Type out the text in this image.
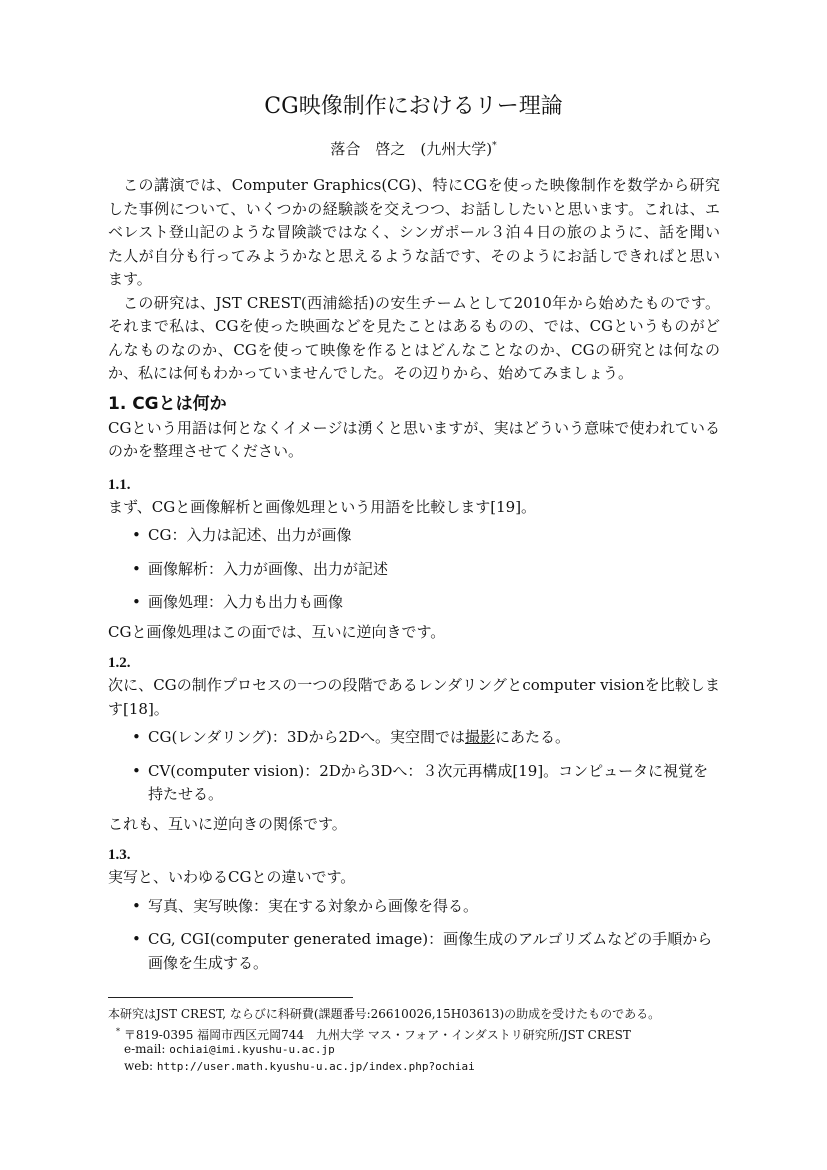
CG映像制作におけるリー理論
落合　啓之　(九州大学)*

この講演では、Computer Graphics(CG)、特にCGを使った映像制作を数学から研究した事例について、いくつかの経験談を交えつつ、お話ししたいと思います。これは、エベレスト登山記のような冒険談ではなく、シンガポール３泊４日の旅のように、話を聞いた人が自分も行ってみようかなと思えるような話です、そのようにお話しできればと思います。

この研究は、JST CREST(西浦総括)の安生チームとして2010年から始めたものです。それまで私は、CGを使った映画などを見たことはあるものの、では、CGというものがどんなものなのか、CGを使って映像を作るとはどんなことなのか、CGの研究とは何なのか、私には何もわかっていませんでした。その辺りから、始めてみましょう。

1. CGとは何か

CGという用語は何となくイメージは湧くと思いますが、実はどういう意味で使われているのかを整理させてください。

1.1.

まず、CGと画像解析と画像処理という用語を比較します[19]。

• CG：入力は記述、出力が画像
• 画像解析：入力が画像、出力が記述
• 画像処理：入力も出力も画像

CGと画像処理はこの面では、互いに逆向きです。

1.2.

次に、CGの制作プロセスの一つの段階であるレンダリングとcomputer visionを比較します[18]。

• CG(レンダリング)：3Dから2Dへ。実空間では撮影にあたる。
• CV(computer vision)：2Dから3Dへ：３次元再構成[19]。コンピュータに視覚を持たせる。

これも、互いに逆向きの関係です。

1.3.

実写と、いわゆるCGとの違いです。

• 写真、実写映像：実在する対象から画像を得る。
• CG, CGI(computer generated image)：画像生成のアルゴリズムなどの手順から画像を生成する。
本研究はJST CREST, ならびに科研費(課題番号:26610026,15H03613)の助成を受けたものである。
* 〒819-0395 福岡市西区元岡744　九州大学 マス・フォア・インダストリ研究所/JST CREST
e-mail: ochiai@imi.kyushu-u.ac.jp
web: http://user.math.kyushu-u.ac.jp/index.php?ochiai
